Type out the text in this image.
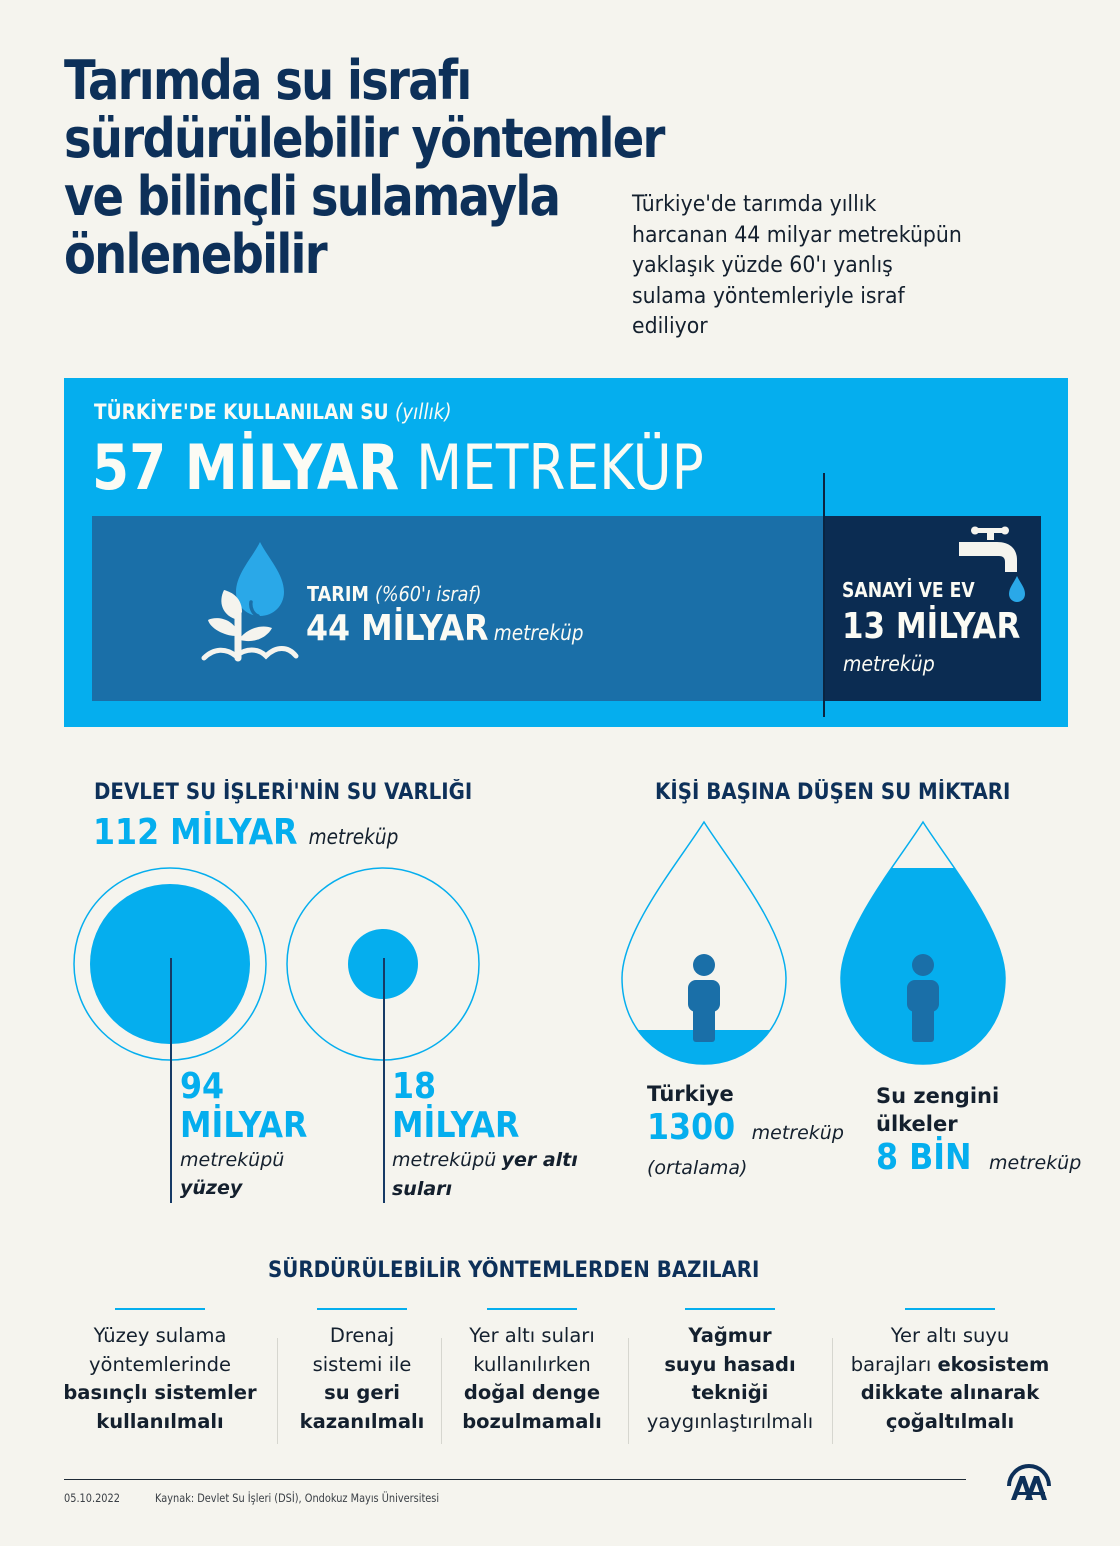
Tarımda su israfı
sürdürülebilir yöntemler
ve bilinçli sulamayla
önlenebilir
Türkiye'de tarımda yıllık
harcanan 44 milyar metreküpün
yaklaşık yüzde 60'ı yanlış
sulama yöntemleriyle israf
ediliyor
TÜRKİYE'DE KULLANILAN SU (yıllık)
57 MİLYAR METREKÜP
TARIM (%60'ı israf)
44 MİLYAR metreküp
SANAYİ VE EV
13 MİLYAR
metreküp
DEVLET SU İŞLERİ'NİN SU VARLIĞI
112 MİLYAR metreküp
94
MİLYAR
metreküpü
yüzey
18
MİLYAR
metreküpü yer altı
suları
KİŞİ BAŞINA DÜŞEN SU MİKTARI
Türkiye
1300 metreküp
(ortalama)
Su zengini
ülkeler
8 BİN metreküp
SÜRDÜRÜLEBİLİR YÖNTEMLERDEN BAZILARI
Yüzey sulama
yöntemlerinde
basınçlı sistemler
kullanılmalı
Drenaj
sistemi ile
su geri
kazanılmalı
Yer altı suları
kullanılırken
doğal denge
bozulmamalı
Yağmur
suyu hasadı
tekniği
yaygınlaştırılmalı
Yer altı suyu
barajları ekosistem
dikkate alınarak
çoğaltılmalı
05.10.2022	Kaynak: Devlet Su İşleri (DSİ), Ondokuz Mayıs Üniversitesi
